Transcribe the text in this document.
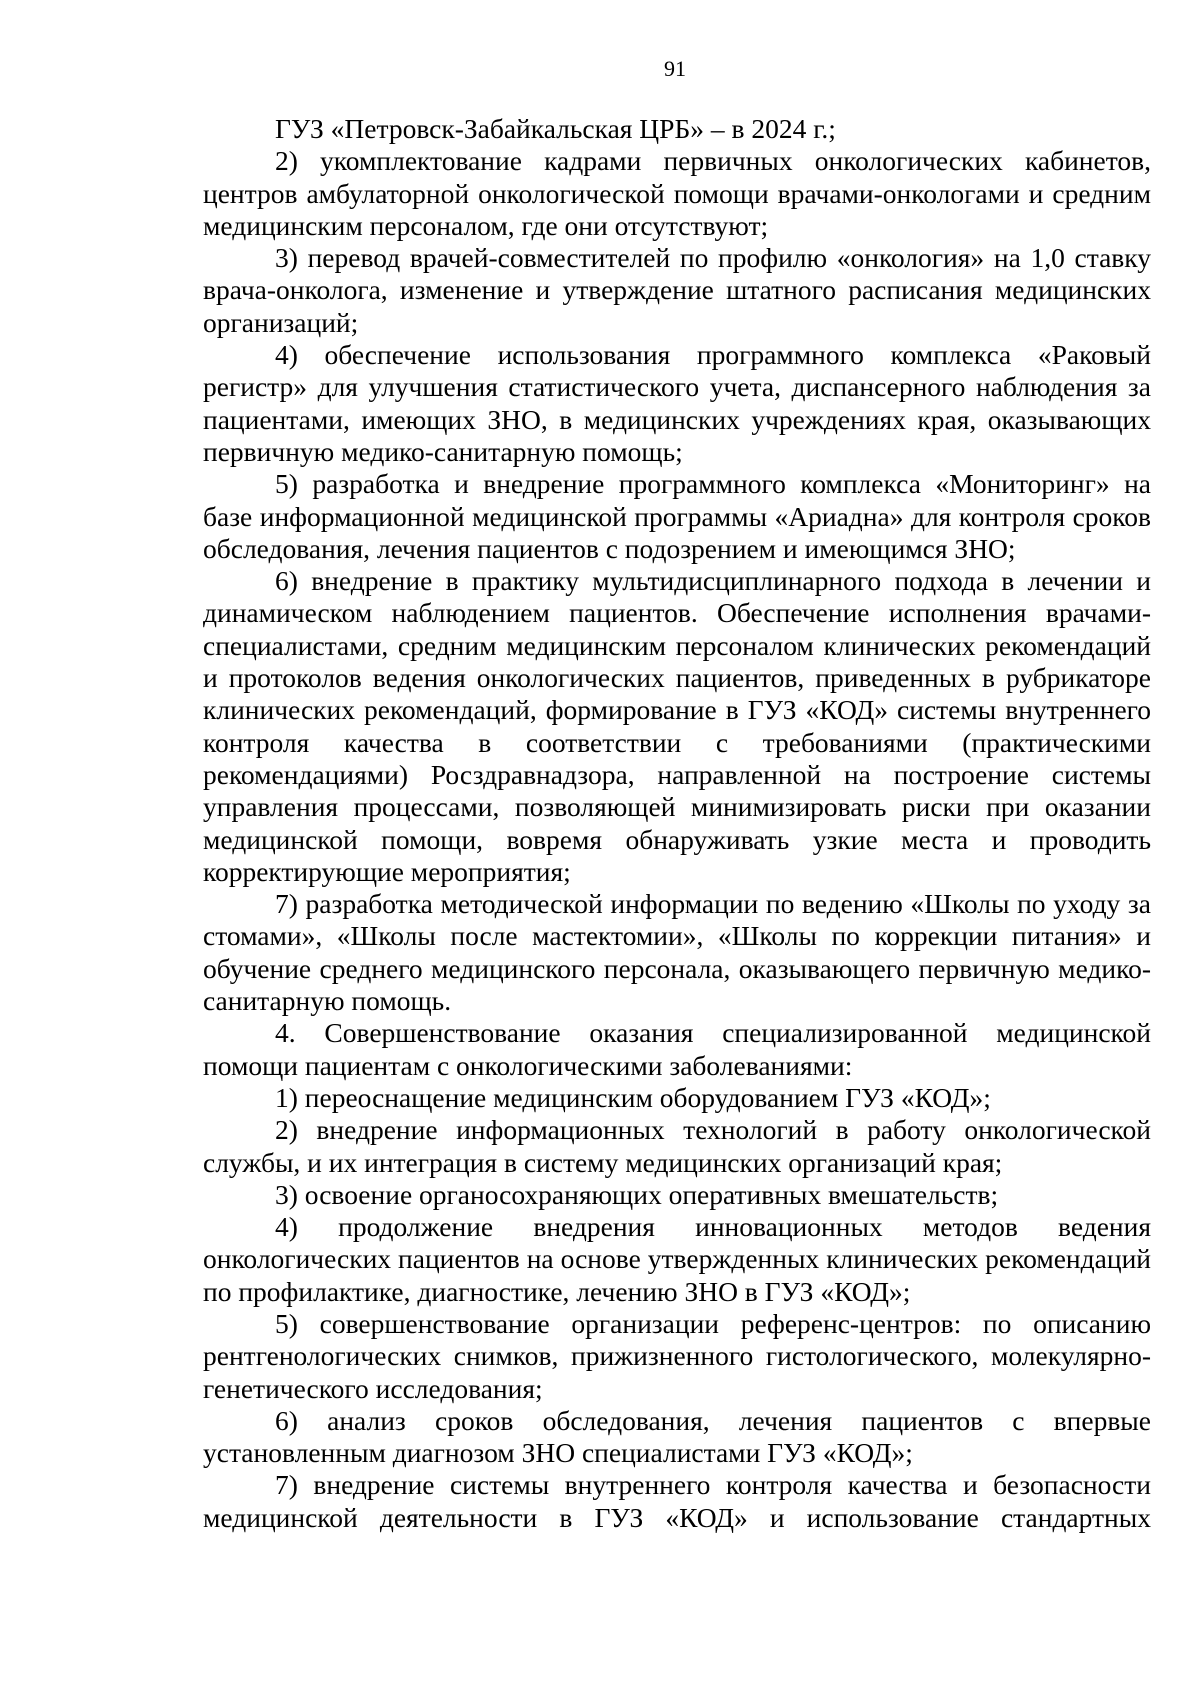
91

ГУЗ «Петровск-Забайкальская ЦРБ» – в 2024 г.;

2) укомплектование кадрами первичных онкологических кабинетов, центров амбулаторной онкологической помощи врачами-онкологами и средним медицинским персоналом, где они отсутствуют;

3) перевод врачей-совместителей по профилю «онкология» на 1,0 ставку врача-онколога, изменение и утверждение штатного расписания медицинских организаций;

4) обеспечение использования программного комплекса «Раковый регистр» для улучшения статистического учета, диспансерного наблюдения за пациентами, имеющих ЗНО, в медицинских учреждениях края, оказывающих первичную медико-санитарную помощь;

5) разработка и внедрение программного комплекса «Мониторинг» на базе информационной медицинской программы «Ариадна» для контроля сроков обследования, лечения пациентов с подозрением и имеющимся ЗНО;

6) внедрение в практику мультидисциплинарного подхода в лечении и динамическом наблюдением пациентов. Обеспечение исполнения врачами-специалистами, средним медицинским персоналом клинических рекомендаций и протоколов ведения онкологических пациентов, приведенных в рубрикаторе клинических рекомендаций, формирование в ГУЗ «КОД» системы внутреннего контроля качества в соответствии с требованиями (практическими рекомендациями) Росздравнадзора, направленной на построение системы управления процессами, позволяющей минимизировать риски при оказании медицинской помощи, вовремя обнаруживать узкие места и проводить корректирующие мероприятия;

7) разработка методической информации по ведению «Школы по уходу за стомами», «Школы после мастектомии», «Школы по коррекции питания» и обучение среднего медицинского персонала, оказывающего первичную медико-санитарную помощь.

4. Совершенствование оказания специализированной медицинской помощи пациентам с онкологическими заболеваниями:

1) переоснащение медицинским оборудованием ГУЗ «КОД»;

2) внедрение информационных технологий в работу онкологической службы, и их интеграция в систему медицинских организаций края;

3) освоение органосохраняющих оперативных вмешательств;

4) продолжение внедрения инновационных методов ведения онкологических пациентов на основе утвержденных клинических рекомендаций по профилактике, диагностике, лечению ЗНО в ГУЗ «КОД»;

5) совершенствование организации референс-центров: по описанию рентгенологических снимков, прижизненного гистологического, молекулярно-генетического исследования;

6) анализ сроков обследования, лечения пациентов с впервые установленным диагнозом ЗНО специалистами ГУЗ «КОД»;

7) внедрение системы внутреннего контроля качества и безопасности медицинской деятельности в ГУЗ «КОД» и использование стандартных
